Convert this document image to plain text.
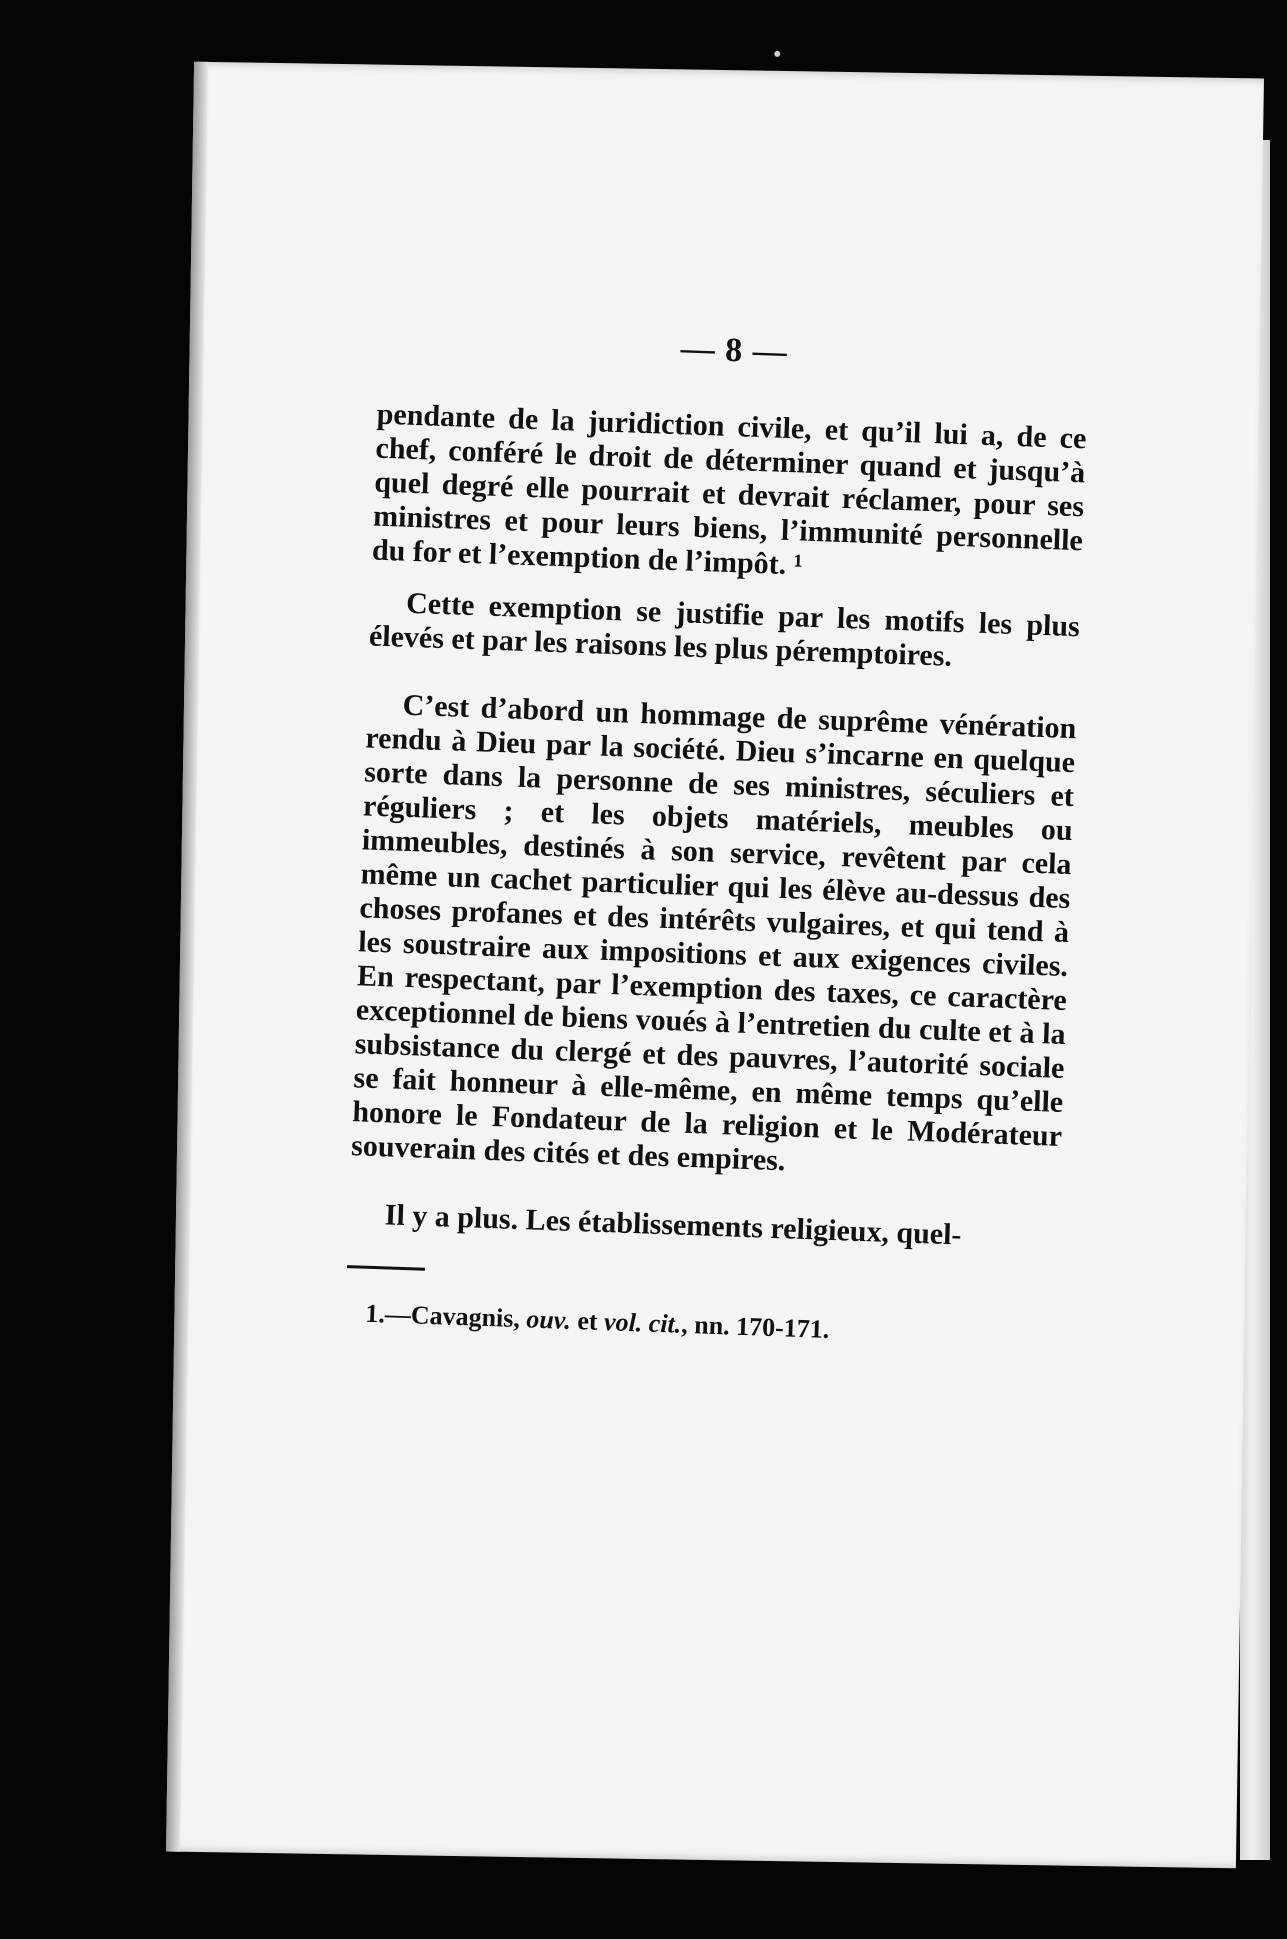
— 8 —

pendante de la juridiction civile, et qu’il lui a, de ce chef, conféré le droit de déterminer quand et jusqu’à quel degré elle pourrait et devrait réclamer, pour ses ministres et pour leurs biens, l’immunité personnelle du for et l’exemption de l’impôt. ¹

Cette exemption se justifie par les motifs les plus élevés et par les raisons les plus péremptoires.

C’est d’abord un hommage de suprême vénération rendu à Dieu par la société. Dieu s’incarne en quelque sorte dans la personne de ses ministres, séculiers et réguliers ; et les objets matériels, meubles ou immeubles, destinés à son service, revêtent par cela même un cachet particulier qui les élève au-dessus des choses profanes et des intérêts vulgaires, et qui tend à les soustraire aux impositions et aux exigences civiles. En respectant, par l’exemption des taxes, ce caractère exceptionnel de biens voués à l’entretien du culte et à la subsistance du clergé et des pauvres, l’autorité sociale se fait honneur à elle-même, en même temps qu’elle honore le Fondateur de la religion et le Modérateur souverain des cités et des empires.

Il y a plus. Les établissements religieux, quel-

1.—Cavagnis, ouv. et vol. cit., nn. 170-171.
